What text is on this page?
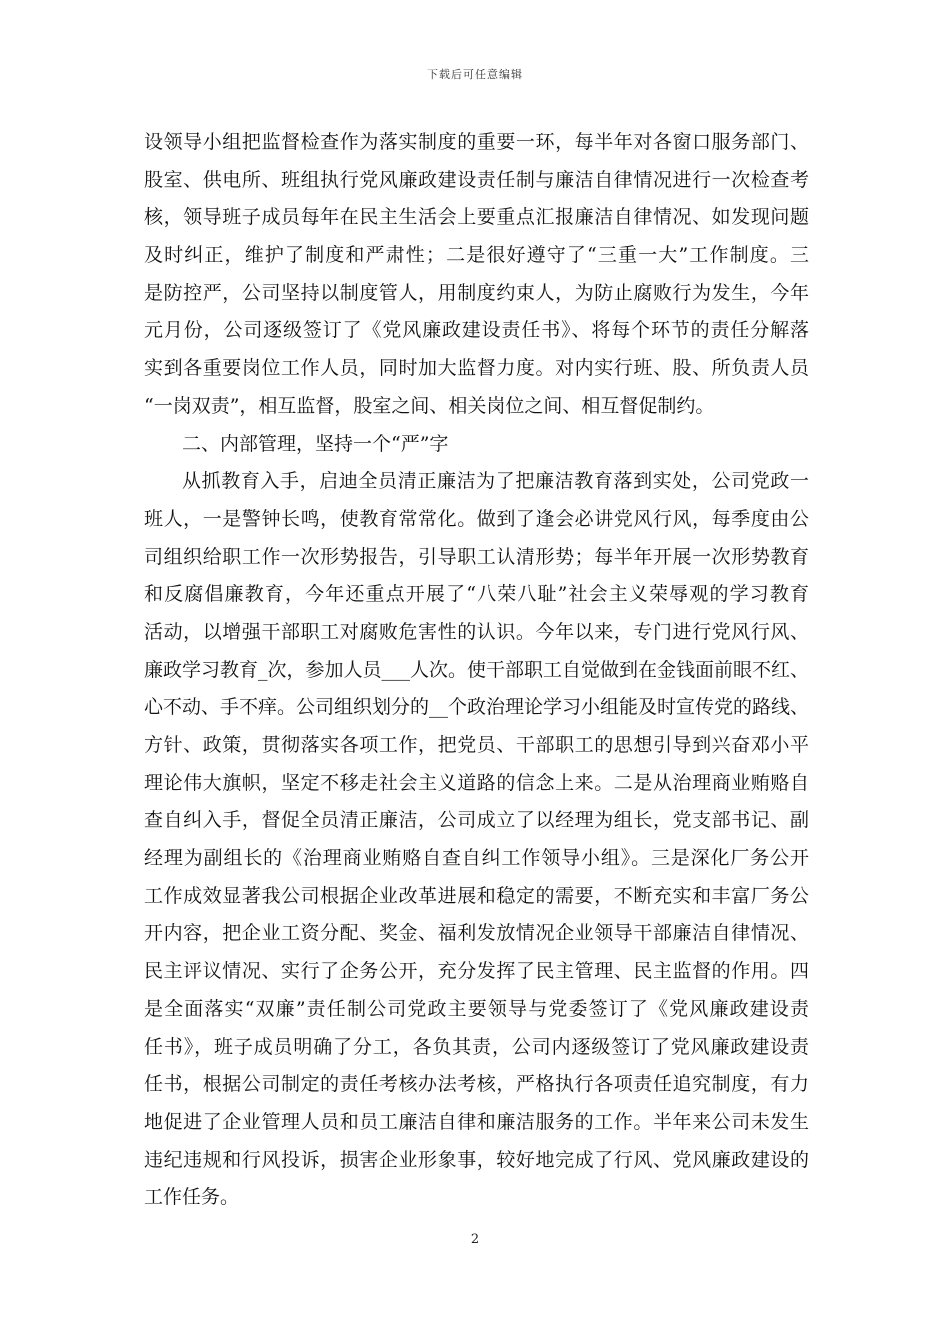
下载后可任意编辑
设领导小组把监督检查作为落实制度的重要一环，每半年对各窗口服务部门、
股室、供电所、班组执行党风廉政建设责任制与廉洁自律情况进行一次检查考
核，领导班子成员每年在民主生活会上要重点汇报廉洁自律情况、如发现问题
及时纠正，维护了制度和严肃性；二是很好遵守了“三重一大”工作制度。三
是防控严，公司坚持以制度管人，用制度约束人，为防止腐败行为发生，今年
元月份，公司逐级签订了《党风廉政建设责任书》、将每个环节的责任分解落
实到各重要岗位工作人员，同时加大监督力度。对内实行班、股、所负责人员
“一岗双责”，相互监督，股室之间、相关岗位之间、相互督促制约。
二、内部管理，坚持一个“严”字
从抓教育入手，启迪全员清正廉洁为了把廉洁教育落到实处，公司党政一
班人，一是警钟长鸣，使教育常常化。做到了逢会必讲党风行风，每季度由公
司组织给职工作一次形势报告，引导职工认清形势；每半年开展一次形势教育
和反腐倡廉教育，今年还重点开展了“八荣八耻”社会主义荣辱观的学习教育
活动，以增强干部职工对腐败危害性的认识。今年以来，专门进行党风行风、
廉政学习教育_次，参加人员___人次。使干部职工自觉做到在金钱面前眼不红、
心不动、手不痒。公司组织划分的__个政治理论学习小组能及时宣传党的路线、
方针、政策，贯彻落实各项工作，把党员、干部职工的思想引导到兴奋邓小平
理论伟大旗帜，坚定不移走社会主义道路的信念上来。二是从治理商业贿赂自
查自纠入手，督促全员清正廉洁，公司成立了以经理为组长，党支部书记、副
经理为副组长的《治理商业贿赂自查自纠工作领导小组》。三是深化厂务公开
工作成效显著我公司根据企业改革进展和稳定的需要，不断充实和丰富厂务公
开内容，把企业工资分配、奖金、福利发放情况企业领导干部廉洁自律情况、
民主评议情况、实行了企务公开，充分发挥了民主管理、民主监督的作用。四
是全面落实“双廉”责任制公司党政主要领导与党委签订了《党风廉政建设责
任书》，班子成员明确了分工，各负其责，公司内逐级签订了党风廉政建设责
任书，根据公司制定的责任考核办法考核，严格执行各项责任追究制度，有力
地促进了企业管理人员和员工廉洁自律和廉洁服务的工作。半年来公司未发生
违纪违规和行风投诉，损害企业形象事，较好地完成了行风、党风廉政建设的
工作任务。
2
